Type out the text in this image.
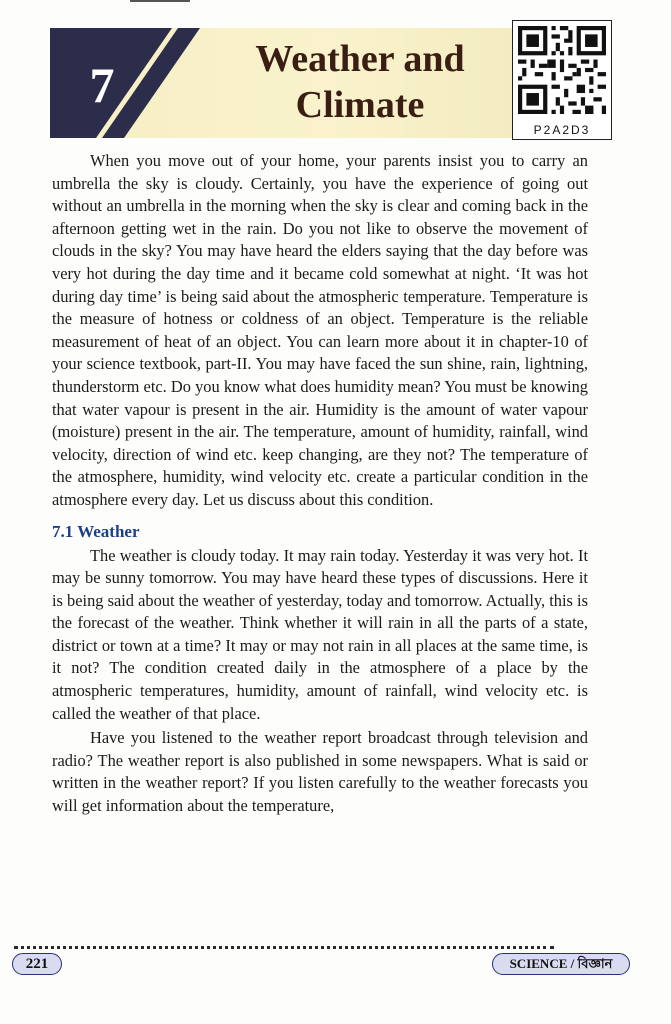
7	Weather and
Climate
P2A2D3

When you move out of your home, your parents insist you to carry an umbrella the sky is cloudy. Certainly, you have the experience of going out without an umbrella in the morning when the sky is clear and coming back in the afternoon getting wet in the rain. Do you not like to observe the movement of clouds in the sky? You may have heard the elders saying that the day before was very hot during the day time and it became cold somewhat at night. ‘It was hot during day time’ is being said about the atmospheric temperature. Temperature is the measure of hotness or coldness of an object. Temperature is the reliable measurement of heat of an object. You can learn more about it in chapter-10 of your science textbook, part-II. You may have faced the sun shine, rain, lightning, thunderstorm etc. Do you know what does humidity mean? You must be knowing that water vapour is present in the air. Humidity is the amount of water vapour (moisture) present in the air. The temperature, amount of humidity, rainfall, wind velocity, direction of wind etc. keep changing, are they not? The temperature of the atmosphere, humidity, wind velocity etc. create a particular condition in the atmosphere every day. Let us discuss about this condition.

7.1 Weather

The weather is cloudy today. It may rain today. Yesterday it was very hot. It may be sunny tomorrow. You may have heard these types of discussions. Here it is being said about the weather of yesterday, today and tomorrow. Actually, this is the forecast of the weather. Think whether it will rain in all the parts of a state, district or town at a time? It may or may not rain in all places at the same time, is it not? The condition created daily in the atmosphere of a place by the atmospheric temperatures, humidity, amount of rainfall, wind velocity etc. is called the weather of that place.

Have you listened to the weather report broadcast through television and radio? The weather report is also published in some newspapers. What is said or written in the weather report? If you listen carefully to the weather forecasts you will get information about the temperature,

221	SCIENCE / বিজ্ঞান
